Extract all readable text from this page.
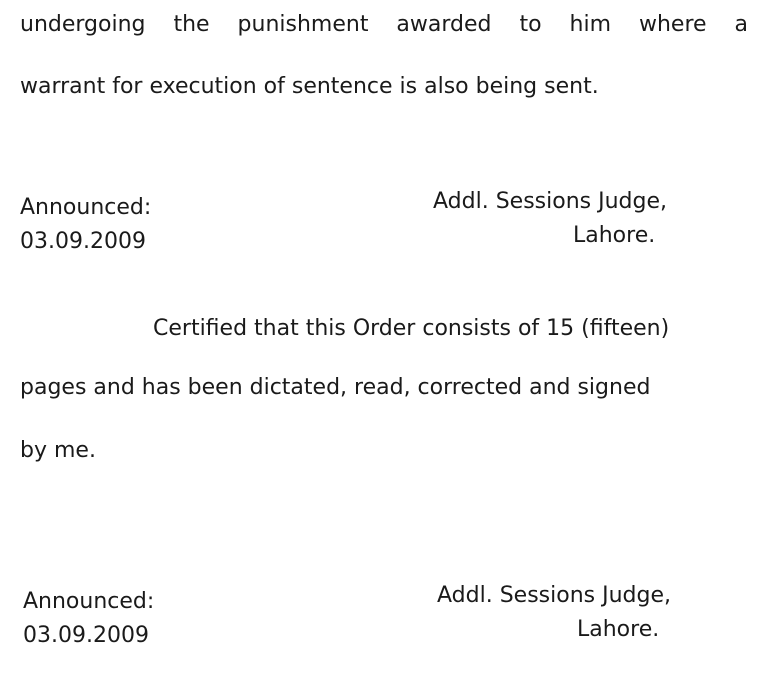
undergoing the punishment awarded to him where a
warrant for execution of sentence is also being sent.
Announced:
03.09.2009
Addl. Sessions Judge,
Lahore.
Certified that this Order consists of 15 (fifteen)
pages and has been dictated, read, corrected and signed
by me.
Announced:
03.09.2009
Addl. Sessions Judge,
Lahore.
